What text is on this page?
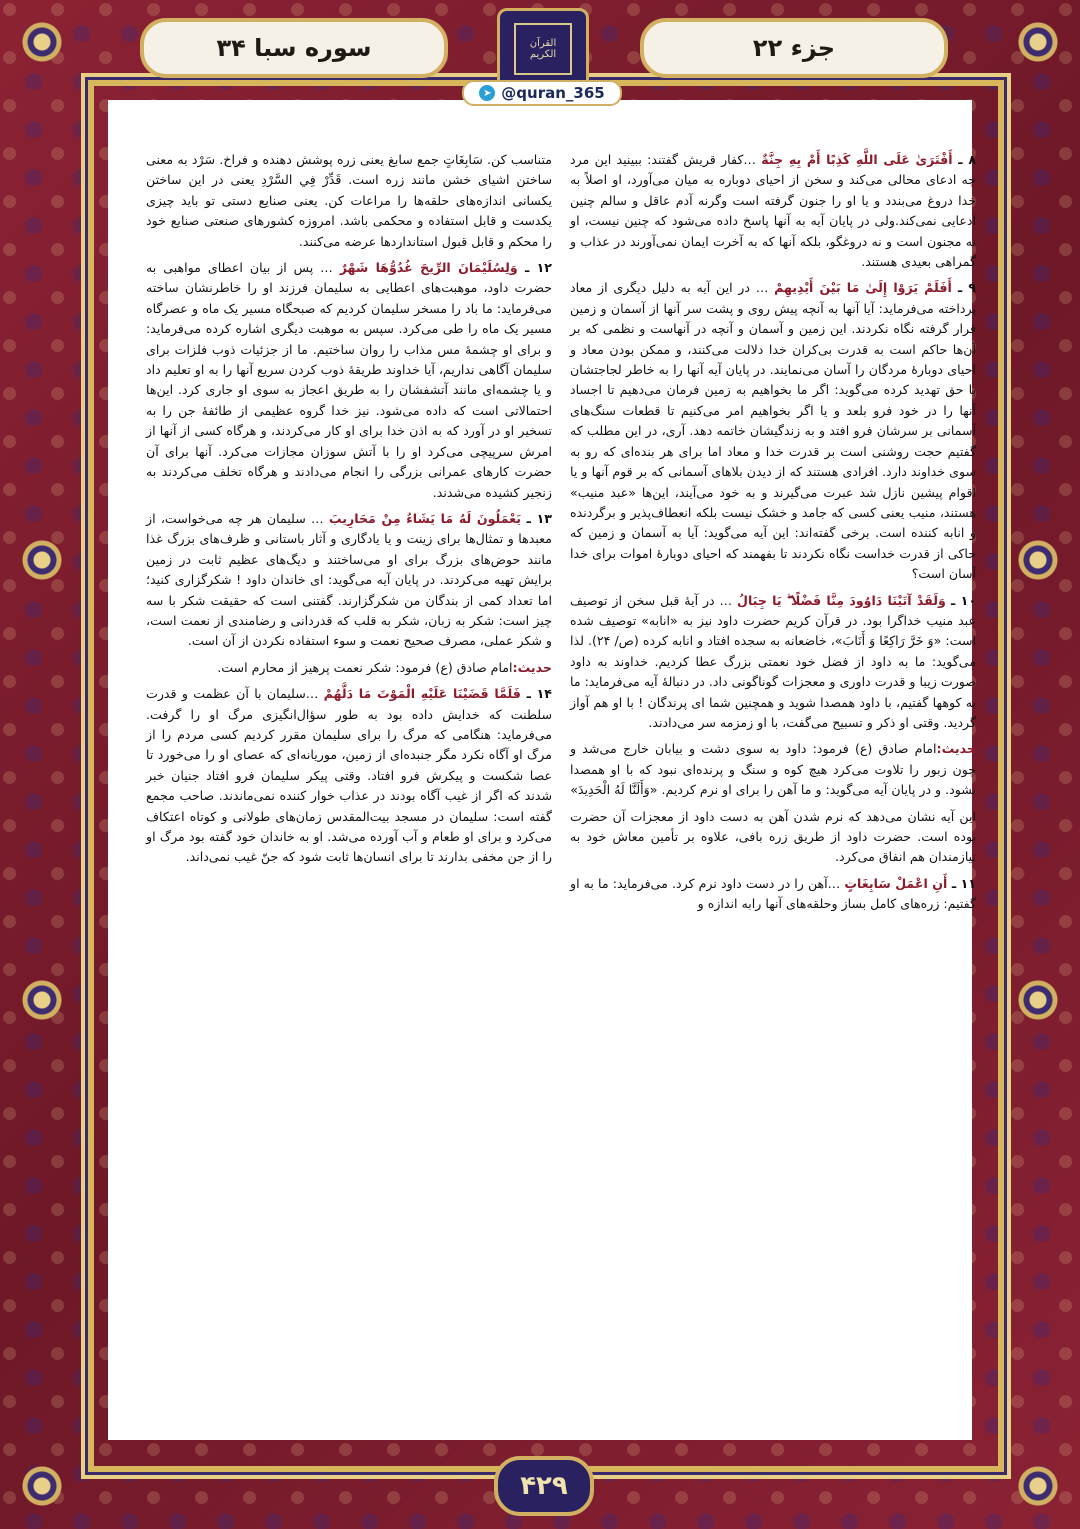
جزء ۲۲
سوره سبا ۳۴	القرآن الكريم
➤ @quran_365

۸ ـ أَفْتَرَىٰ عَلَى اللَّهِ كَذِبًا أَمْ بِهِ جِنَّةٌ …کفار قریش گفتند: ببینید این مرد چه ادعای محالی می‌کند و سخن از احیای دوباره به میان می‌آورد، او اصلاً به خدا دروغ می‌بندد و یا او را جنون گرفته است وگرنه آدم عاقل و سالم چنین ادعایی نمی‌کند.ولی در پایان آیه به آنها پاسخ داده می‌شود که چنین نیست، او نه مجنون است و نه دروغگو، بلکه آنها که به آخرت ایمان نمی‌آورند در عذاب و گمراهی بعیدی هستند.

۹ ـ أَفَلَمْ يَرَوْا إِلَىٰ مَا بَيْنَ أَيْدِيهِمْ … در این آیه به دلیل دیگری از معاد پرداخته می‌فرماید: آیا آنها به آنچه پیش روی و پشت سر آنها از آسمان و زمین قرار گرفته نگاه نکردند. این زمین و آسمان و آنچه در آنهاست و نظمی که بر آن‌ها حاکم است به قدرت بی‌کران خدا دلالت می‌کنند، و ممکن بودن معاد و احیای دوبارۀ مردگان را آسان می‌نمایند. در پایان آیه آنها را به خاطر لجاجتشان با حق تهدید کرده می‌گوید: اگر ما بخواهیم به زمین فرمان می‌دهیم تا اجساد آنها را در خود فرو بلعد و یا اگر بخواهیم امر می‌کنیم تا قطعات سنگ‌های آسمانی بر سرشان فرو افتد و به زندگیشان خاتمه دهد. آری، در این مطلب که گفتیم حجت روشنی است بر قدرت خدا و معاد اما برای هر بنده‌ای که رو به سوی خداوند دارد. افرادی هستند که از دیدن بلاهای آسمانی که بر قوم آنها و یا اقوام پیشین نازل شد عبرت می‌گیرند و به خود می‌آیند، این‌ها «عبد منیب» هستند، منیب یعنی کسی که جامد و خشک نیست بلکه انعطاف‌پذیر و برگردنده و انابه کننده است. برخی گفته‌اند: این آیه می‌گوید: آیا به آسمان و زمین که حاکی از قدرت خداست نگاه نکردند تا بفهمند که احیای دوبارۀ اموات برای خدا آسان است؟

۱۰ ـ وَلَقَدْ آتَيْنَا دَاوُودَ مِنَّا فَضْلًا ۖ يَا جِبَالُ … در آیۀ قبل سخن از توصیف عبد منیب خداگرا بود. در قرآن کریم حضرت داود نیز به «انابه» توصیف شده است: «وَ خَرَّ رَاكِعًا وَ أَنَابَ»، خاضعانه به سجده افتاد و انابه کرده (ص/ ۲۴). لذا می‌گوید: ما به داود از فضل خود نعمتی بزرگ عطا کردیم. خداوند به داود صورت زیبا و قدرت داوری و معجزات گوناگونی داد. در دنبالۀ آیه می‌فرماید: ما به کوهها گفتیم، با داود همصدا شوید و همچنین شما ای پرندگان ! با او هم آواز گردید. وقتی او ذکر و تسبیح می‌گفت، با او زمزمه سر می‌دادند.

حدیث:امام صادق (ع) فرمود: داود به سوی دشت و بیابان خارج می‌شد و چون زبور را تلاوت می‌کرد هیچ کوه و سنگ و پرنده‌ای نبود که با او همصدا نشود. و در پایان آیه می‌گوید: و ما آهن را برای او نرم کردیم. «وَأَلَنَّا لَهُ الْحَدِيدَ»

این آیه نشان می‌دهد که نرم شدن آهن به دست داود از معجزات آن حضرت بوده است. حضرت داود از طریق زره بافی، علاوه بر تأمین معاش خود به نیازمندان هم انفاق می‌کرد.

۱۱ ـ أَنِ اعْمَلْ سَابِغَاتٍ …آهن را در دست داود نرم کرد. می‌فرماید: ما به او گفتیم: زره‌های کامل بساز وحلقه‌های آنها رابه اندازه و

متناسب کن. سَابِغَاتٍ جمع سابغ یعنی زره پوشش دهنده و فراخ. سَرْد به معنی ساختن اشیای خشن مانند زره است. قَدِّرْ فِي السَّرْدِ یعنی در این ساختن یکسانی اندازه‌های حلقه‌ها را مراعات کن. یعنی صنایع دستی تو باید چیزی یکدست و قابل استفاده و محکمی باشد. امروزه کشورهای صنعتی صنایع خود را محکم و قابل قبول استانداردها عرضه می‌کنند.

۱۲ ـ وَلِسُلَيْمَانَ الرِّيحَ غُدُوُّهَا شَهْرٌ … پس از بیان اعطای مواهبی به حضرت داود، موهبت‌های اعطایی به سلیمان فرزند او را خاطرنشان ساخته می‌فرماید: ما باد را مسخر سلیمان کردیم که صبحگاه مسیر یک ماه و عصرگاه مسیر یک ماه را طی می‌کرد. سپس به موهبت دیگری اشاره کرده می‌فرماید: و برای او چشمهٔ مس مذاب را روان ساختیم. ما از جزئیات ذوب فلزات برای سلیمان آگاهی نداریم، آیا خداوند طریقهٔ ذوب کردن سریع آنها را به او تعلیم داد و یا چشمه‌ای مانند آتشفشان را به طریق اعجاز به سوی او جاری کرد. این‌ها احتمالاتی است که داده می‌شود. نیز خدا گروه عظیمی از طائفهٔ جن را به تسخیر او در آورد که به اذن خدا برای او کار می‌کردند، و هرگاه کسی از آنها از امرش سرپیچی می‌کرد او را با آتش سوزان مجازات می‌کرد. آنها برای آن حضرت کارهای عمرانی بزرگی را انجام می‌دادند و هرگاه تخلف می‌کردند به زنجیر کشیده می‌شدند.

۱۳ ـ يَعْمَلُونَ لَهُ مَا يَشَاءُ مِنْ مَحَارِيبَ … سلیمان هر چه می‌خواست، از معبدها و تمثال‌ها برای زینت و یا یادگاری و آثار باستانی و ظرف‌های بزرگ غذا مانند حوض‌های بزرگ برای او می‌ساختند و دیگ‌های عظیم ثابت در زمین برایش تهیه می‌کردند. در پایان آیه می‌گوید: ای خاندان داود ! شکرگزاری کنید؛ اما تعداد کمی از بندگان من شکرگزارند. گفتنی است که حقیقت شکر با سه چیز است: شکر به زبان، شکر به قلب که قدردانی و رضامندی از نعمت است، و شکر عملی، مصرف صحیح نعمت و سوء استفاده نکردن از آن است.

حدیث:امام صادق (ع) فرمود: شکر نعمت پرهیز از محارم است.

۱۴ ـ فَلَمَّا قَضَيْنَا عَلَيْهِ الْمَوْتَ مَا دَلَّهُمْ …سلیمان با آن عظمت و قدرت سلطنت که خدایش داده بود به طور سؤال‌انگیزی مرگ او را گرفت. می‌فرماید: هنگامی که مرگ را برای سلیمان مقرر کردیم کسی مردم را از مرگ او آگاه نکرد مگر جنبده‌ای از زمین، موریانه‌ای که عصای او را می‌خورد تا عصا شکست و پیکرش فرو افتاد. وقتی پیکر سلیمان فرو افتاد جنیان خبر شدند که اگر از غیب آگاه بودند در عذاب خوار کننده نمی‌ماندند. صاحب مجمع گفته است: سلیمان در مسجد بیت‌المقدس زمان‌های طولانی و کوتاه اعتکاف می‌کرد و برای او طعام و آب آورده می‌شد. او به خاندان خود گفته بود مرگ او را از جن مخفی بدارند تا برای انسان‌ها ثابت شود که جنّ غیب نمی‌داند.

۴۲۹
